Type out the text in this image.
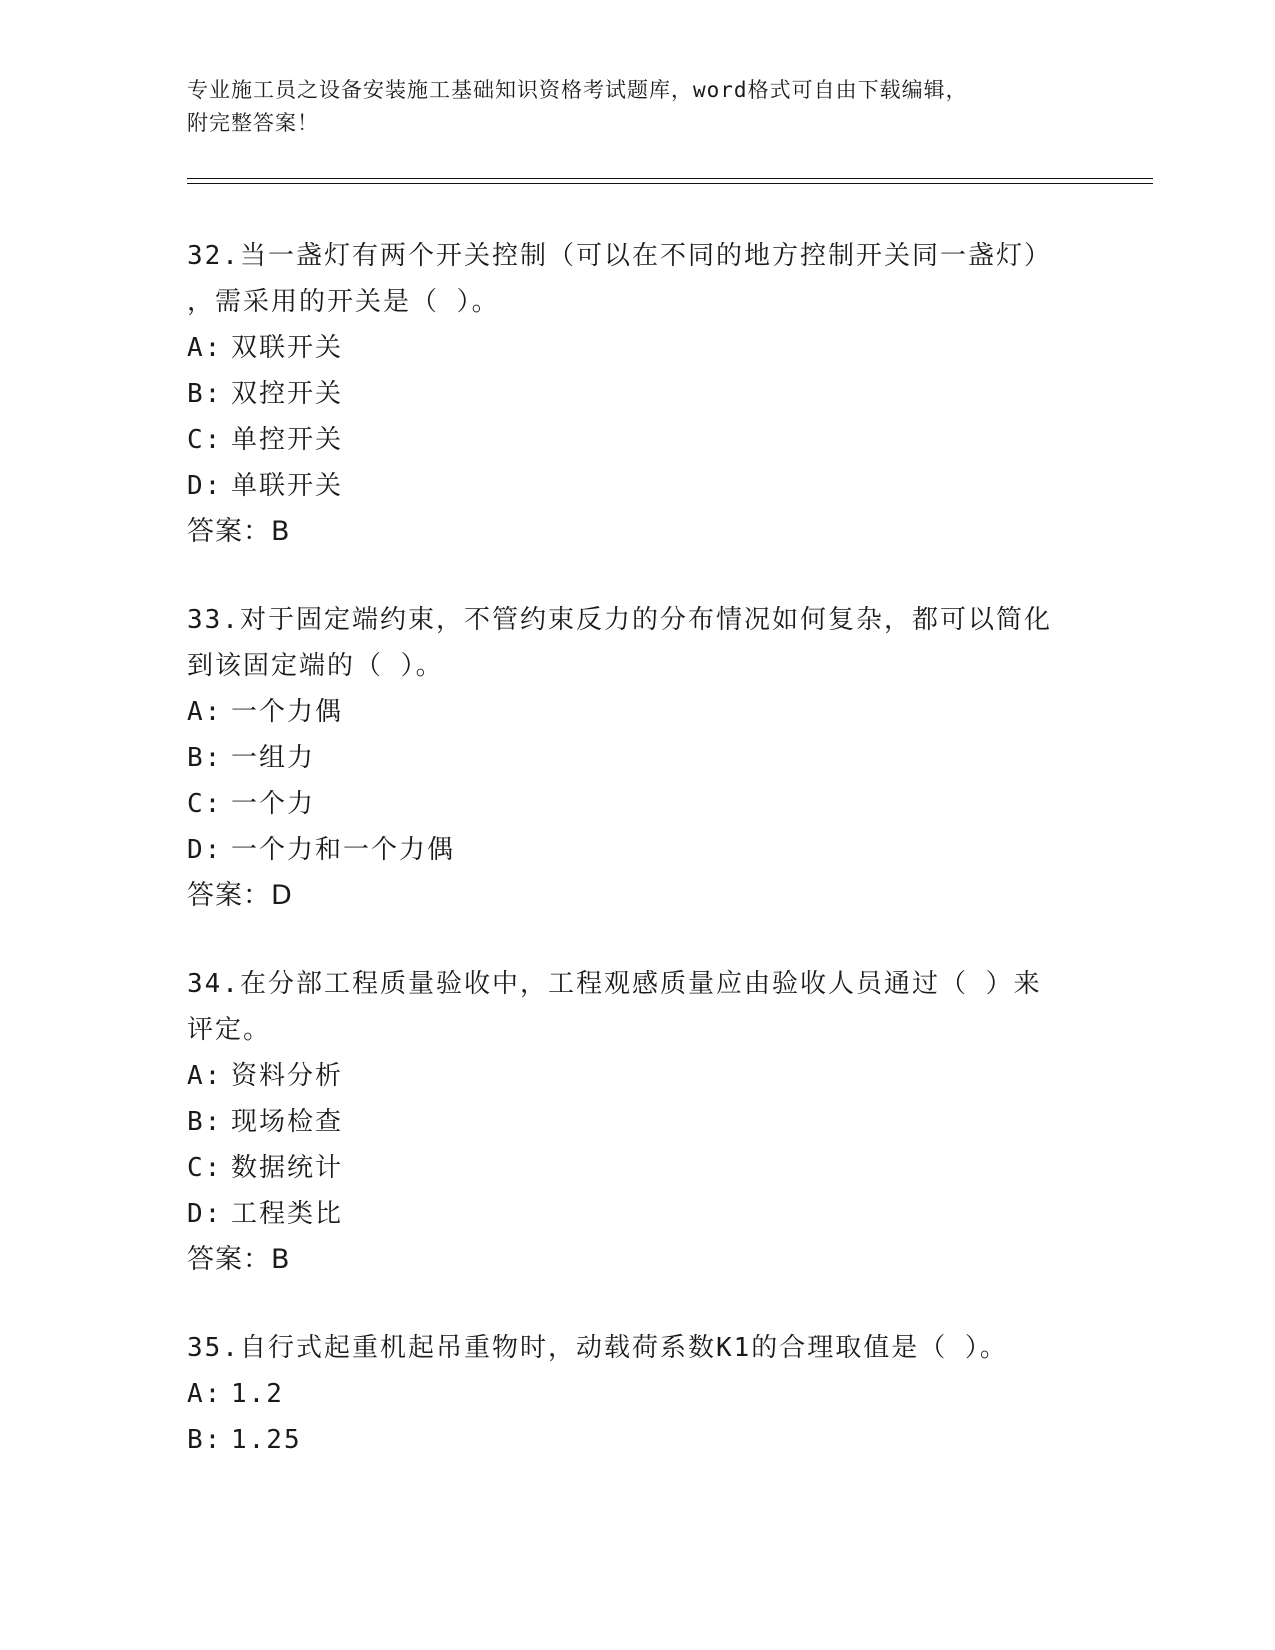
专业施工员之设备安装施工基础知识资格考试题库，word格式可自由下载编辑，
附完整答案！
32.当一盏灯有两个开关控制（可以在不同的地方控制开关同一盏灯）
，需采用的开关是（ ）。
A: 双联开关
B: 双控开关
C: 单控开关
D: 单联开关
答案：B
33.对于固定端约束，不管约束反力的分布情况如何复杂，都可以简化
到该固定端的（ ）。
A: 一个力偶
B: 一组力
C: 一个力
D: 一个力和一个力偶
答案：D
34.在分部工程质量验收中，工程观感质量应由验收人员通过（ ）来
评定。
A: 资料分析
B: 现场检查
C: 数据统计
D: 工程类比
答案：B
35.自行式起重机起吊重物时，动载荷系数K1的合理取值是（ ）。
A: 1.2
B: 1.25
